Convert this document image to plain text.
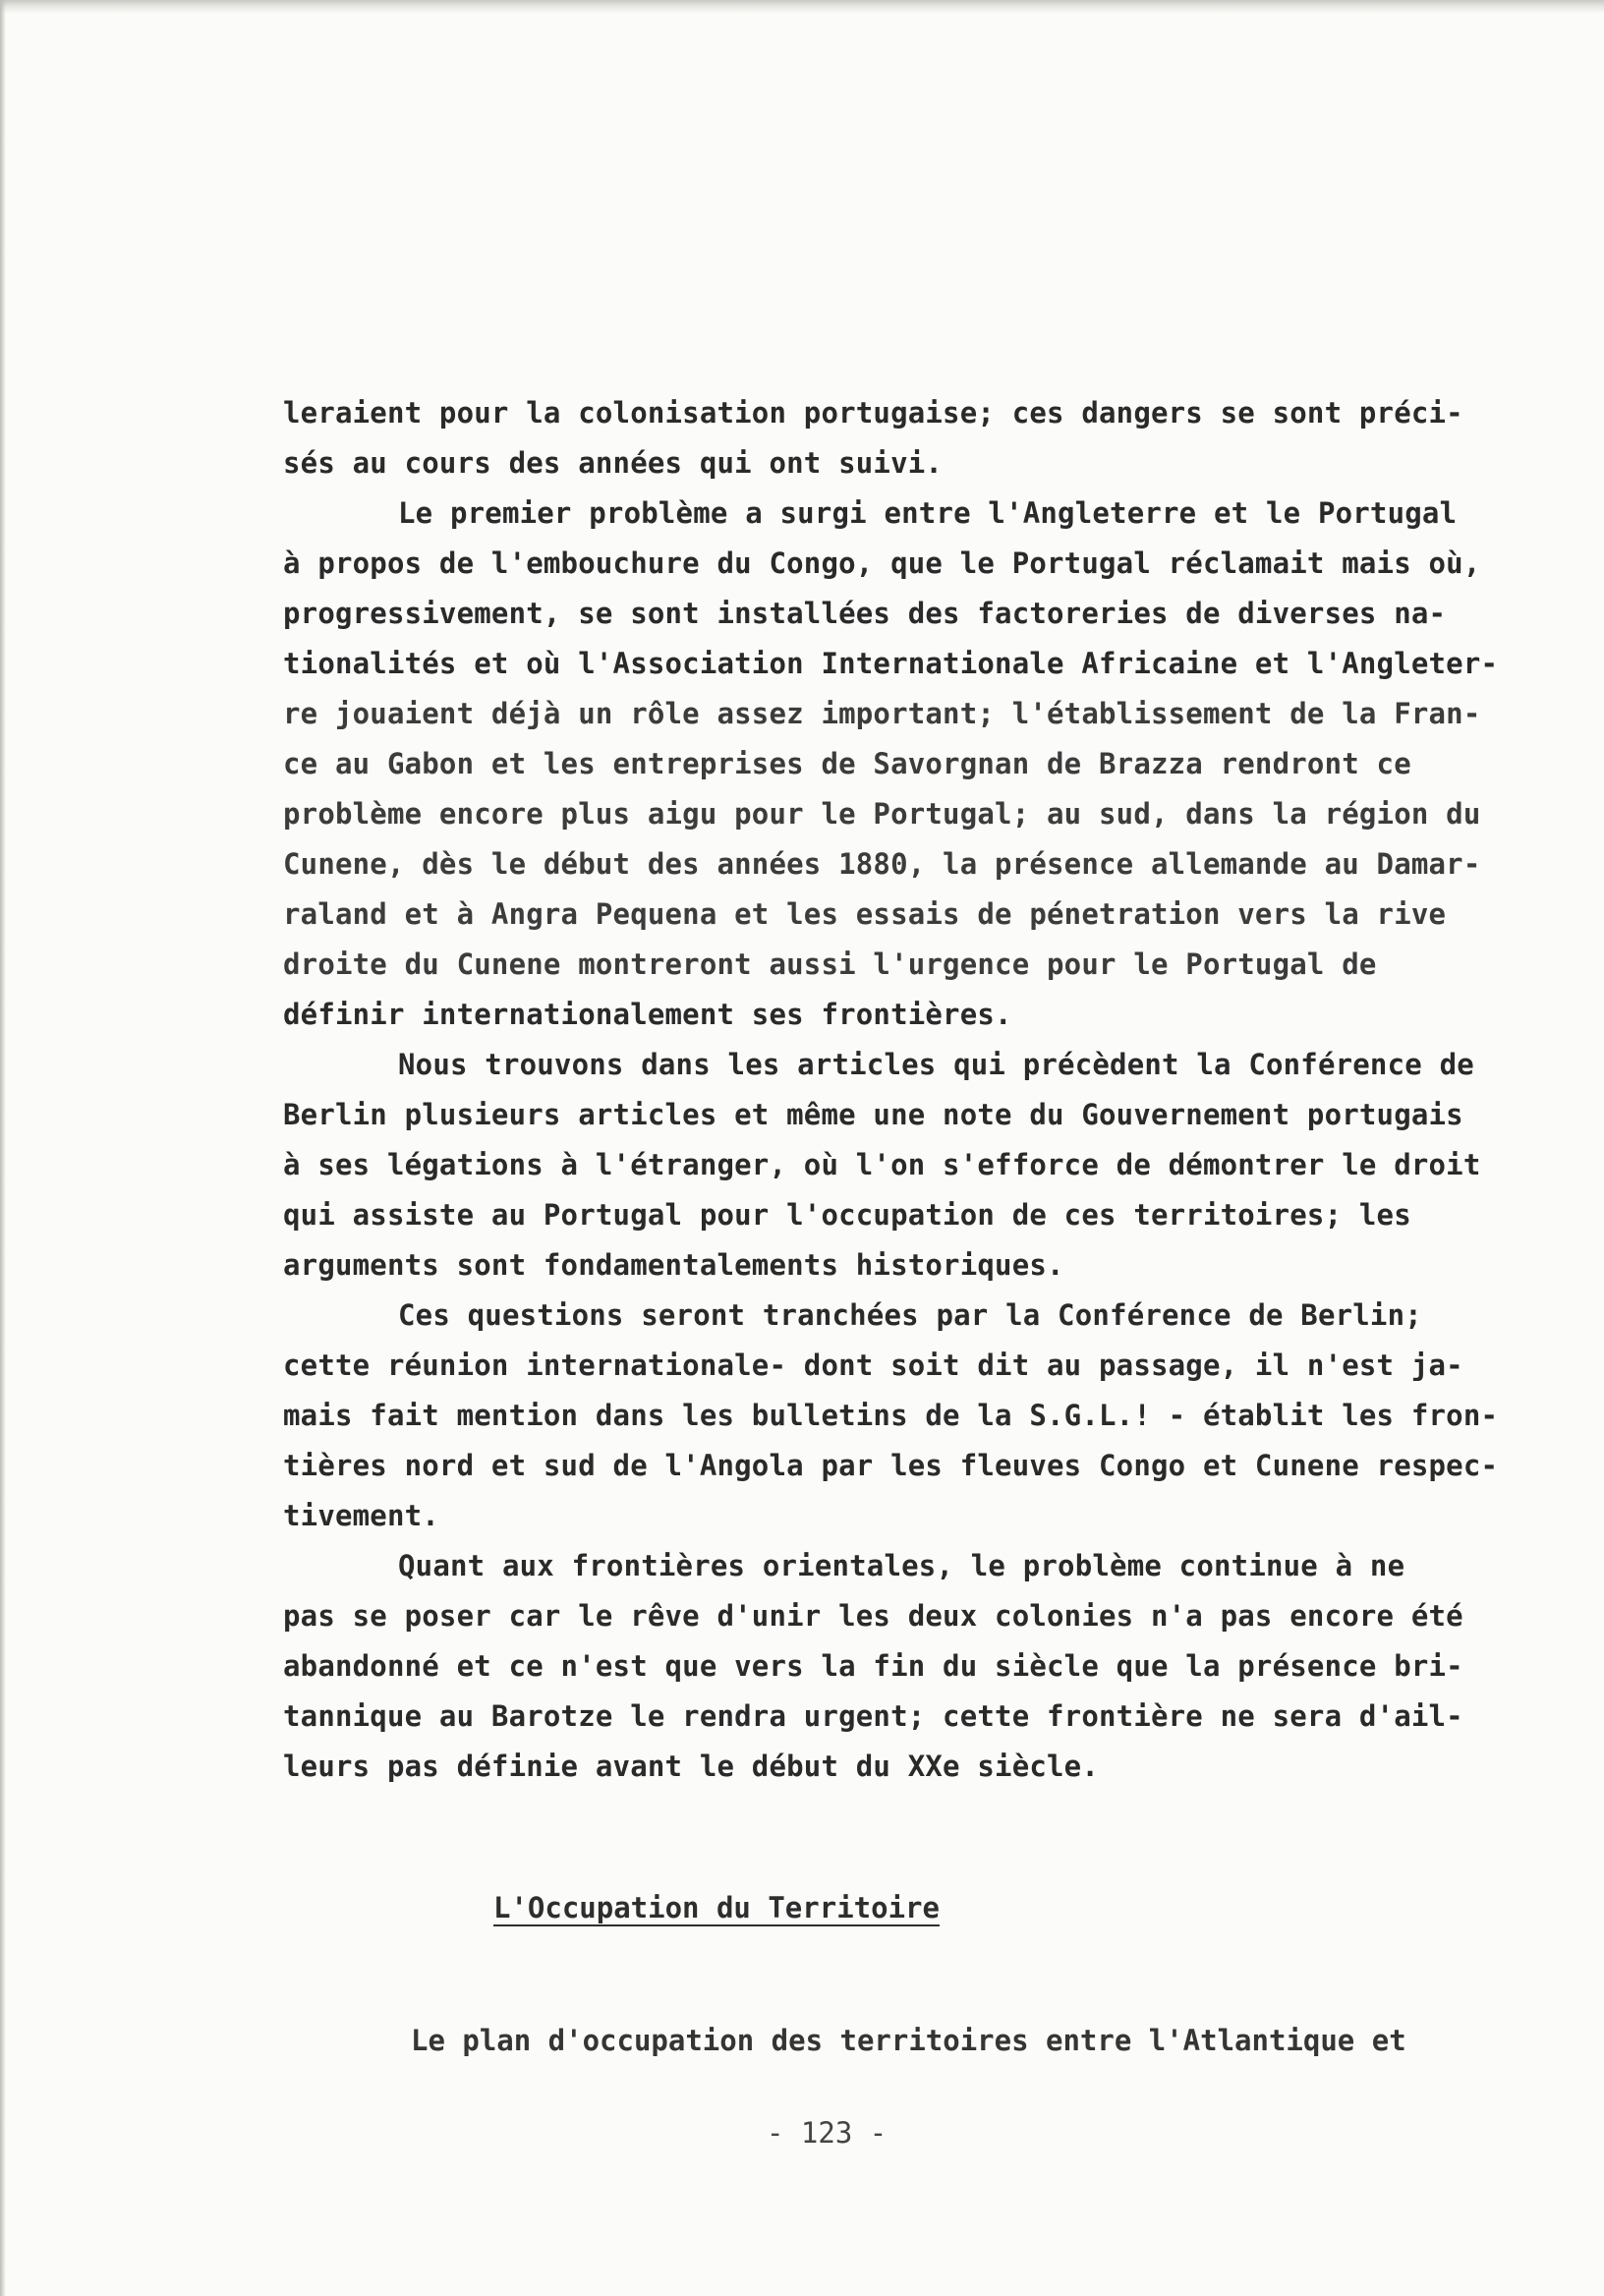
leraient pour la colonisation portugaise; ces dangers se sont préci-
sés au cours des années qui ont suivi.
Le premier problème a surgi entre l'Angleterre et le Portugal
à propos de l'embouchure du Congo, que le Portugal réclamait mais où,
progressivement, se sont installées des factoreries de diverses na-
tionalités et où l'Association Internationale Africaine et l'Angleter-
re jouaient déjà un rôle assez important; l'établissement de la Fran-
ce au Gabon et les entreprises de Savorgnan de Brazza rendront ce
problème encore plus aigu pour le Portugal; au sud, dans la région du
Cunene, dès le début des années 1880, la présence allemande au Damar-
raland et à Angra Pequena et les essais de pénetration vers la rive
droite du Cunene montreront aussi l'urgence pour le Portugal de
définir internationalement ses frontières.
Nous trouvons dans les articles qui précèdent la Conférence de
Berlin plusieurs articles et même une note du Gouvernement portugais
à ses légations à l'étranger, où l'on s'efforce de démontrer le droit
qui assiste au Portugal pour l'occupation de ces territoires; les
arguments sont fondamentalements historiques.
Ces questions seront tranchées par la Conférence de Berlin;
cette réunion internationale- dont soit dit au passage, il n'est ja-
mais fait mention dans les bulletins de la S.G.L.! - établit les fron-
tières nord et sud de l'Angola par les fleuves Congo et Cunene respec-
tivement.
Quant aux frontières orientales, le problème continue à ne
pas se poser car le rêve d'unir les deux colonies n'a pas encore été
abandonné et ce n'est que vers la fin du siècle que la présence bri-
tannique au Barotze le rendra urgent; cette frontière ne sera d'ail-
leurs pas définie avant le début du XXe siècle.
L'Occupation du Territoire
Le plan d'occupation des territoires entre l'Atlantique et
- 123 -
